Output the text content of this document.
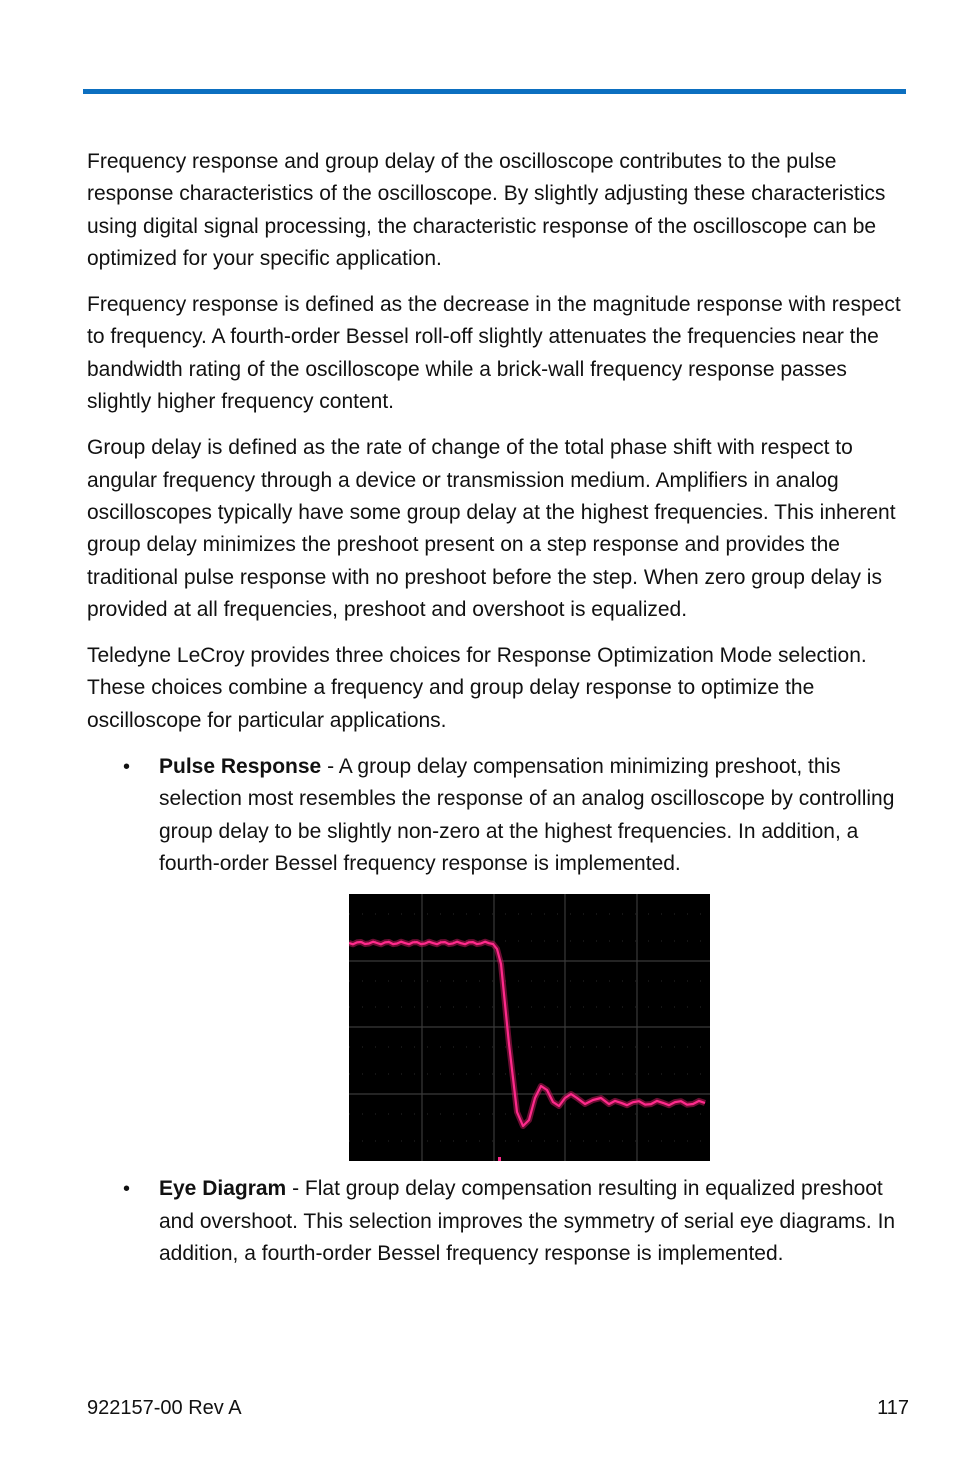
Frequency response and group delay of the oscilloscope contributes to the pulse response characteristics of the oscilloscope. By slightly adjusting these characteristics using digital signal processing, the characteristic response of the oscilloscope can be optimized for your specific application.

Frequency response is defined as the decrease in the magnitude response with respect to frequency. A fourth-order Bessel roll-off slightly attenuates the frequencies near the bandwidth rating of the oscilloscope while a brick-wall frequency response passes slightly higher frequency content.

Group delay is defined as the rate of change of the total phase shift with respect to angular frequency through a device or transmission medium. Amplifiers in analog oscilloscopes typically have some group delay at the highest frequencies. This inherent group delay minimizes the preshoot present on a step response and provides the traditional pulse response with no preshoot before the step. When zero group delay is provided at all frequencies, preshoot and overshoot is equalized.

Teledyne LeCroy provides three choices for Response Optimization Mode selection. These choices combine a frequency and group delay response to optimize the oscilloscope for particular applications.

• Pulse Response - A group delay compensation minimizing preshoot, this selection most resembles the response of an analog oscilloscope by controlling group delay to be slightly non-zero at the highest frequencies. In addition, a fourth-order Bessel frequency response is implemented.
• Eye Diagram - Flat group delay compensation resulting in equalized preshoot and overshoot. This selection improves the symmetry of serial eye diagrams. In addition, a fourth-order Bessel frequency response is implemented.
922157-00 Rev A	117
